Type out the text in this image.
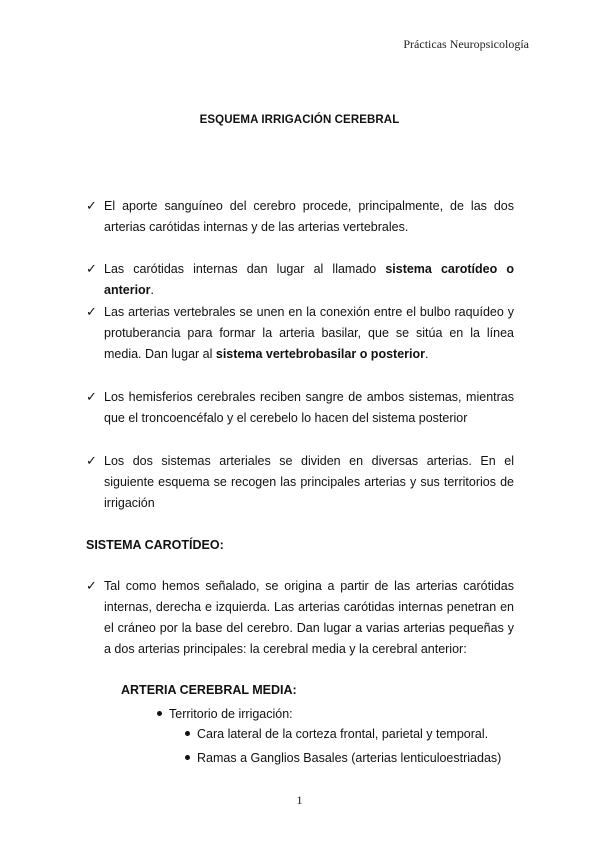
Prácticas Neuropsicología
ESQUEMA IRRIGACIÓN CEREBRAL
✓ El aporte sanguíneo del cerebro procede, principalmente, de las dos arterias carótidas internas y de las arterias vertebrales.
✓ Las carótidas internas dan lugar al llamado sistema carotídeo o anterior.
✓ Las arterias vertebrales se unen en la conexión entre el bulbo raquídeo y protuberancia para formar la arteria basilar, que se sitúa en la línea media. Dan lugar al sistema vertebrobasilar o posterior.
✓ Los hemisferios cerebrales reciben sangre de ambos sistemas, mientras que el troncoencéfalo y el cerebelo lo hacen del sistema posterior
✓ Los dos sistemas arteriales se dividen en diversas arterias. En el siguiente esquema se recogen las principales arterias y sus territorios de irrigación
SISTEMA CAROTÍDEO:
✓ Tal como hemos señalado, se origina a partir de las arterias carótidas internas, derecha e izquierda. Las arterias carótidas internas penetran en el cráneo por la base del cerebro. Dan lugar a varias arterias pequeñas y a dos arterias principales: la cerebral media y la cerebral anterior:
ARTERIA CEREBRAL MEDIA:
Territorio de irrigación:
Cara lateral de la corteza frontal, parietal y temporal.
Ramas a Ganglios Basales (arterias lenticuloestriadas)
1
